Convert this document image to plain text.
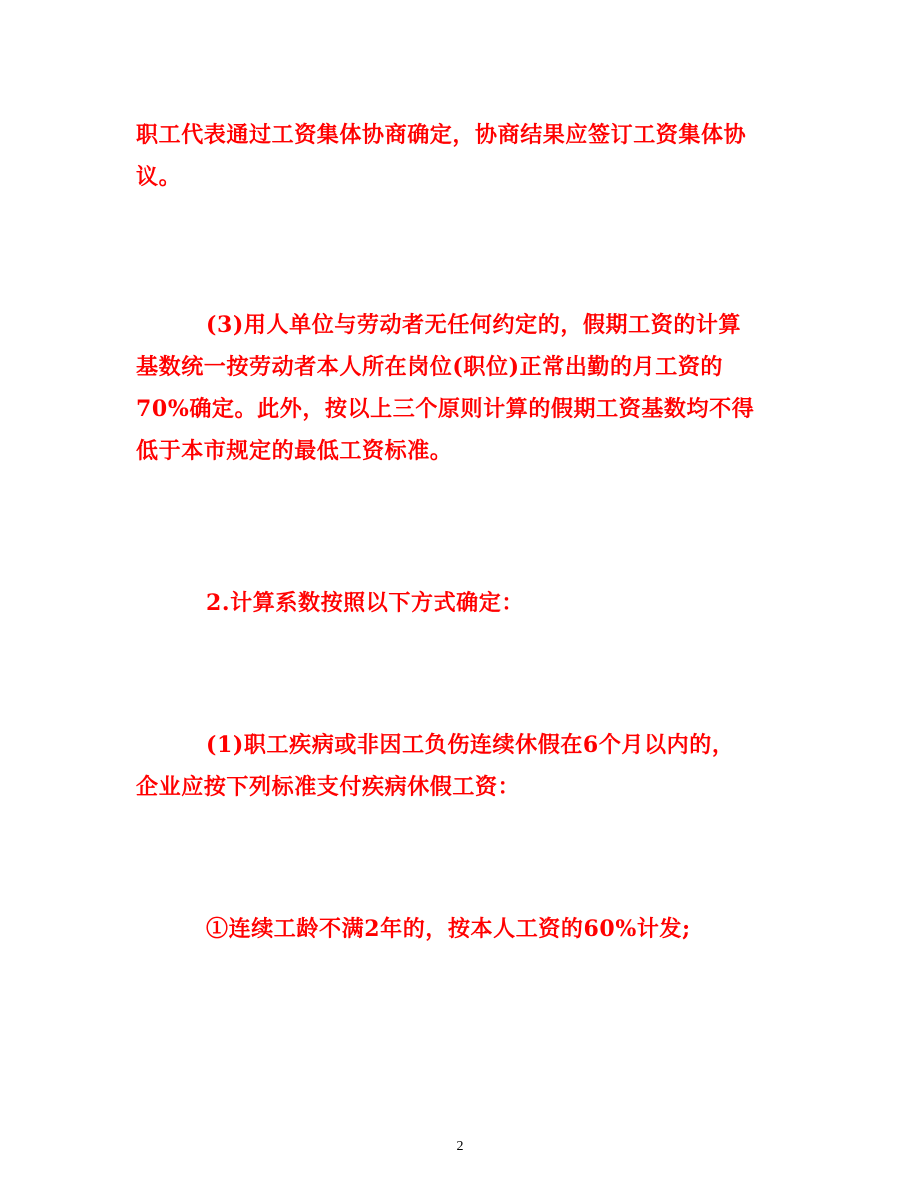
职工代表通过工资集体协商确定，协商结果应签订工资集体协
议。

(3)用人单位与劳动者无任何约定的，假期工资的计算
基数统一按劳动者本人所在岗位(职位)正常出勤的月工资的
70%确定。此外，按以上三个原则计算的假期工资基数均不得
低于本市规定的最低工资标准。

2.计算系数按照以下方式确定：

(1)职工疾病或非因工负伤连续休假在6个月以内的，
企业应按下列标准支付疾病休假工资：

①连续工龄不满2年的，按本人工资的60%计发;

2
